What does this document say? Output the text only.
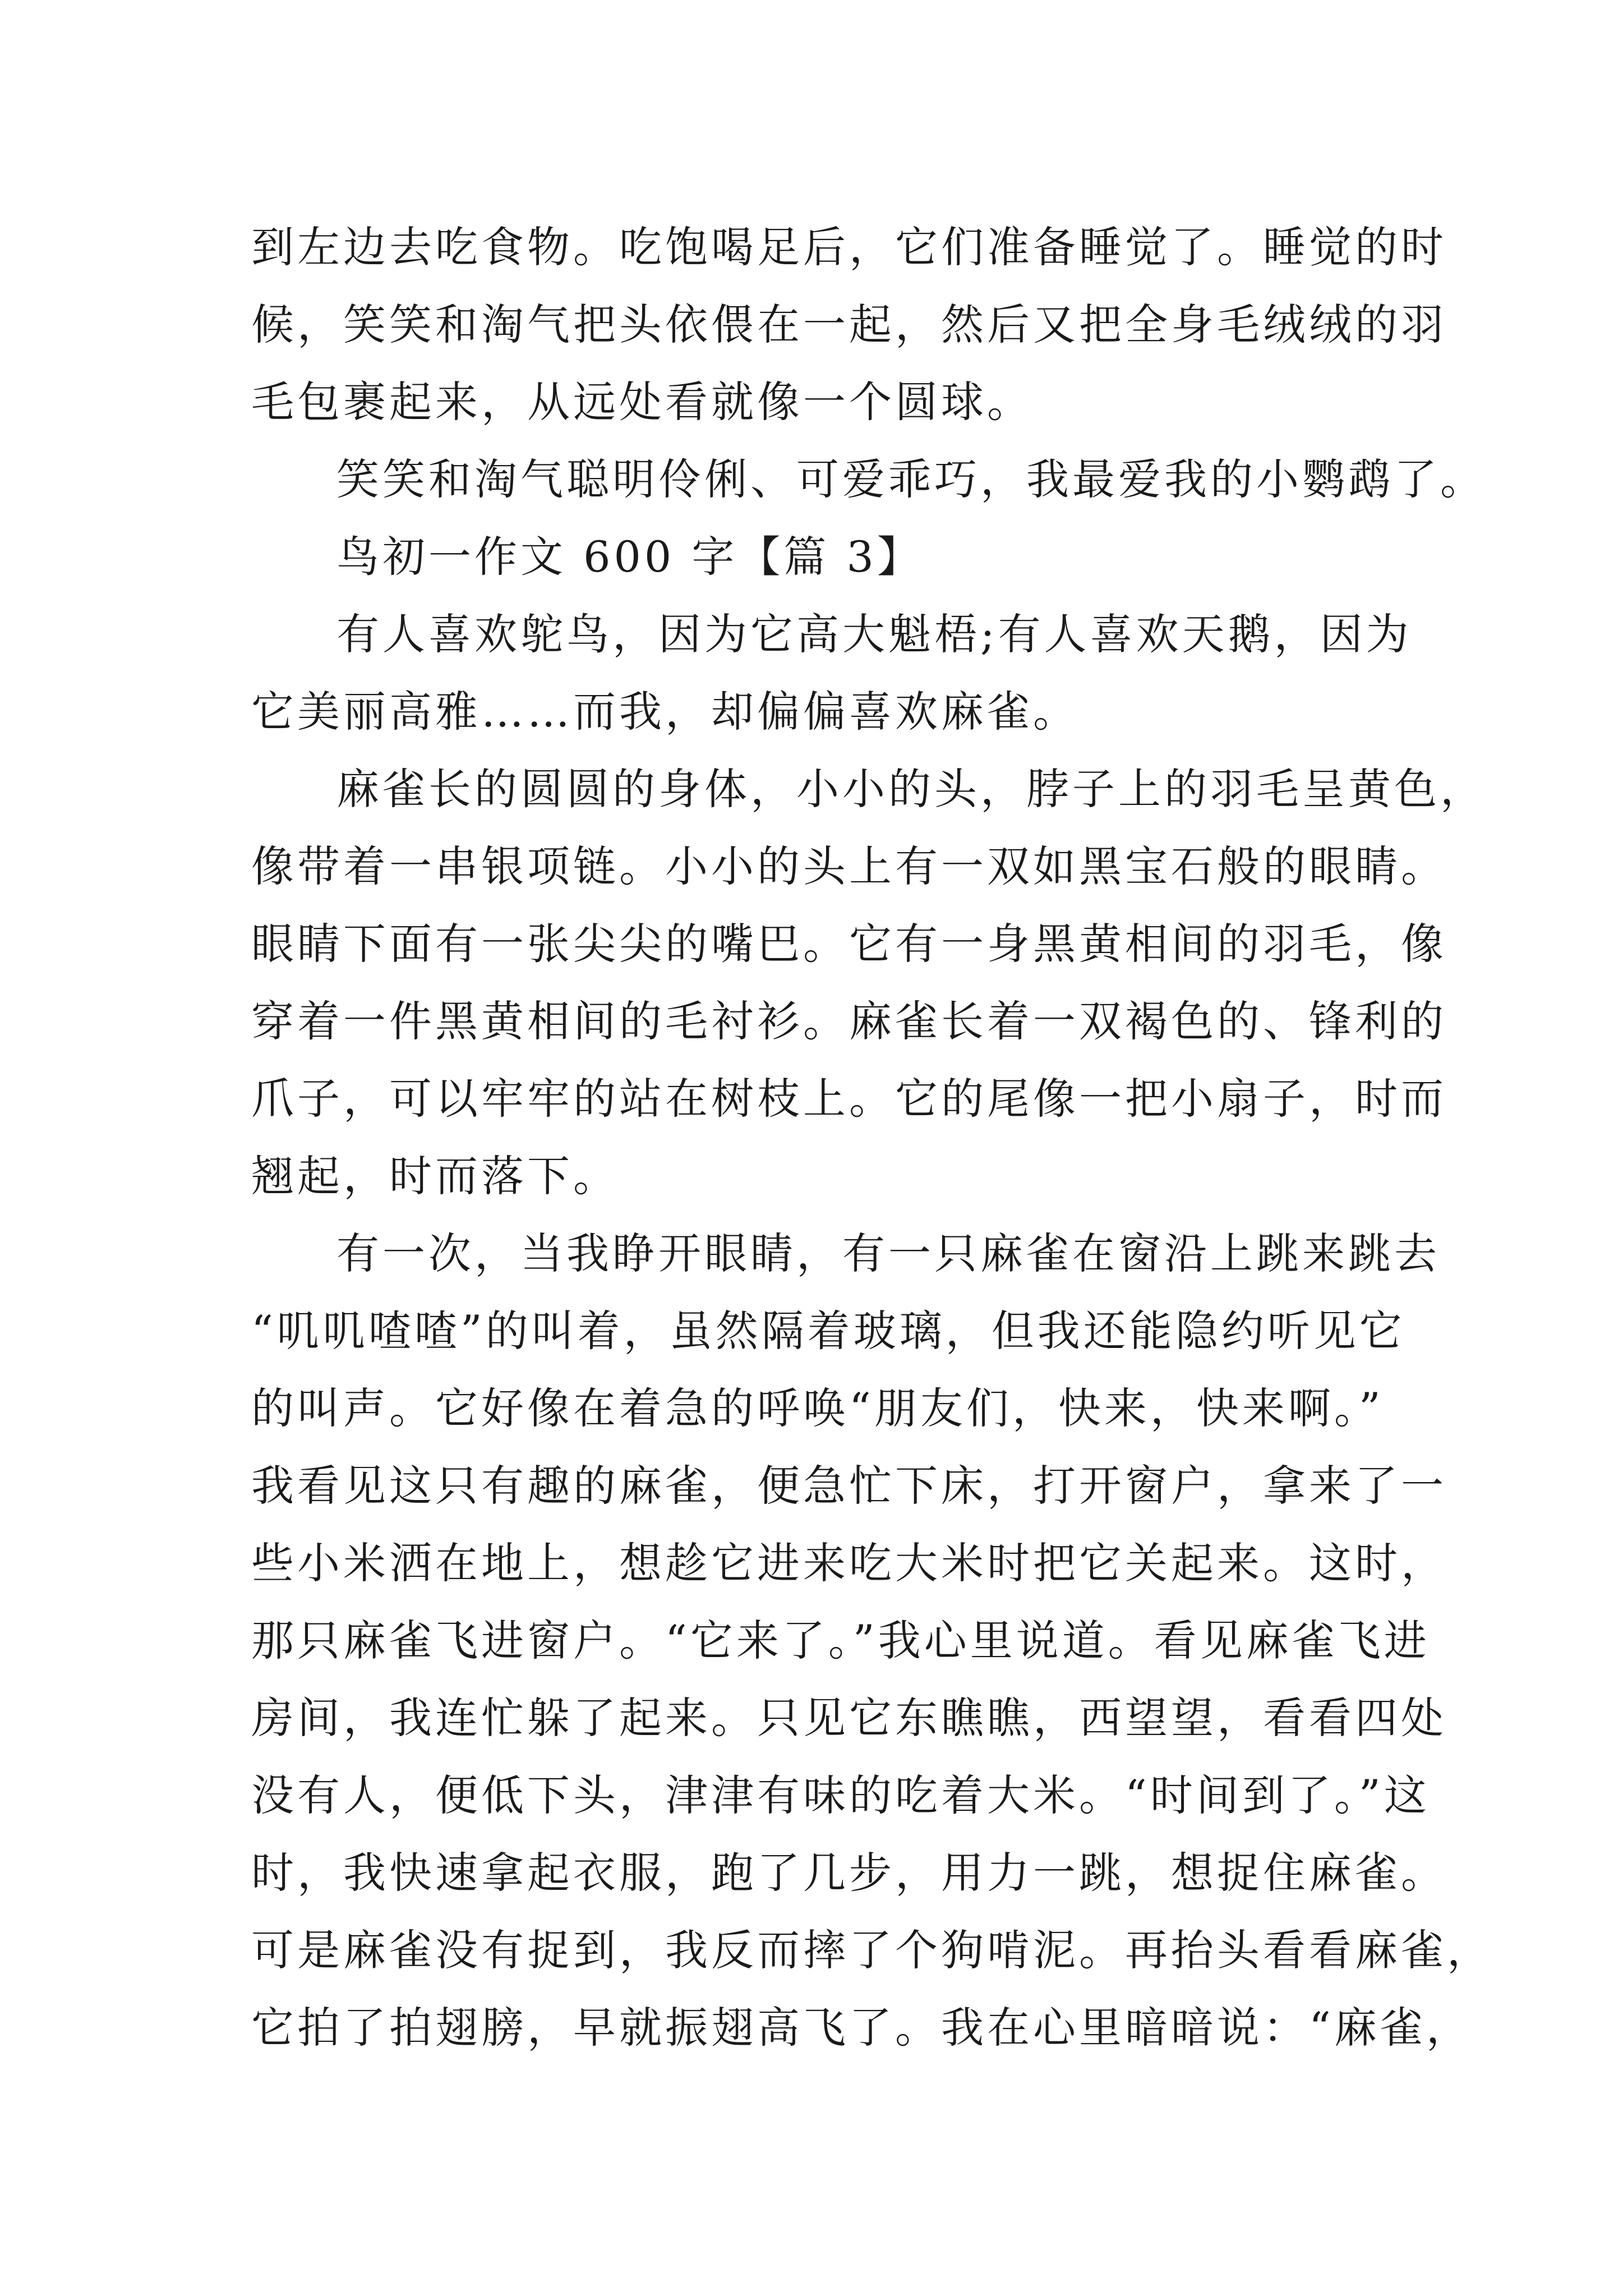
到左边去吃食物。吃饱喝足后，它们准备睡觉了。睡觉的时
候，笑笑和淘气把头依偎在一起，然后又把全身毛绒绒的羽
毛包裹起来，从远处看就像一个圆球。
笑笑和淘气聪明伶俐、可爱乖巧，我最爱我的小鹦鹉了。
鸟初一作文 600 字【篇 3】
有人喜欢鸵鸟，因为它高大魁梧;有人喜欢天鹅，因为
它美丽高雅……而我，却偏偏喜欢麻雀。
麻雀长的圆圆的身体，小小的头，脖子上的羽毛呈黄色，
像带着一串银项链。小小的头上有一双如黑宝石般的眼睛。
眼睛下面有一张尖尖的嘴巴。它有一身黑黄相间的羽毛，像
穿着一件黑黄相间的毛衬衫。麻雀长着一双褐色的、锋利的
爪子，可以牢牢的站在树枝上。它的尾像一把小扇子，时而
翘起，时而落下。
有一次，当我睁开眼睛，有一只麻雀在窗沿上跳来跳去
“叽叽喳喳”的叫着，虽然隔着玻璃，但我还能隐约听见它
的叫声。它好像在着急的呼唤“朋友们，快来，快来啊。”
我看见这只有趣的麻雀，便急忙下床，打开窗户，拿来了一
些小米洒在地上，想趁它进来吃大米时把它关起来。这时，
那只麻雀飞进窗户。“它来了。”我心里说道。看见麻雀飞进
房间，我连忙躲了起来。只见它东瞧瞧，西望望，看看四处
没有人，便低下头，津津有味的吃着大米。“时间到了。”这
时，我快速拿起衣服，跑了几步，用力一跳，想捉住麻雀。
可是麻雀没有捉到，我反而摔了个狗啃泥。再抬头看看麻雀，
它拍了拍翅膀，早就振翅高飞了。我在心里暗暗说：“麻雀，
